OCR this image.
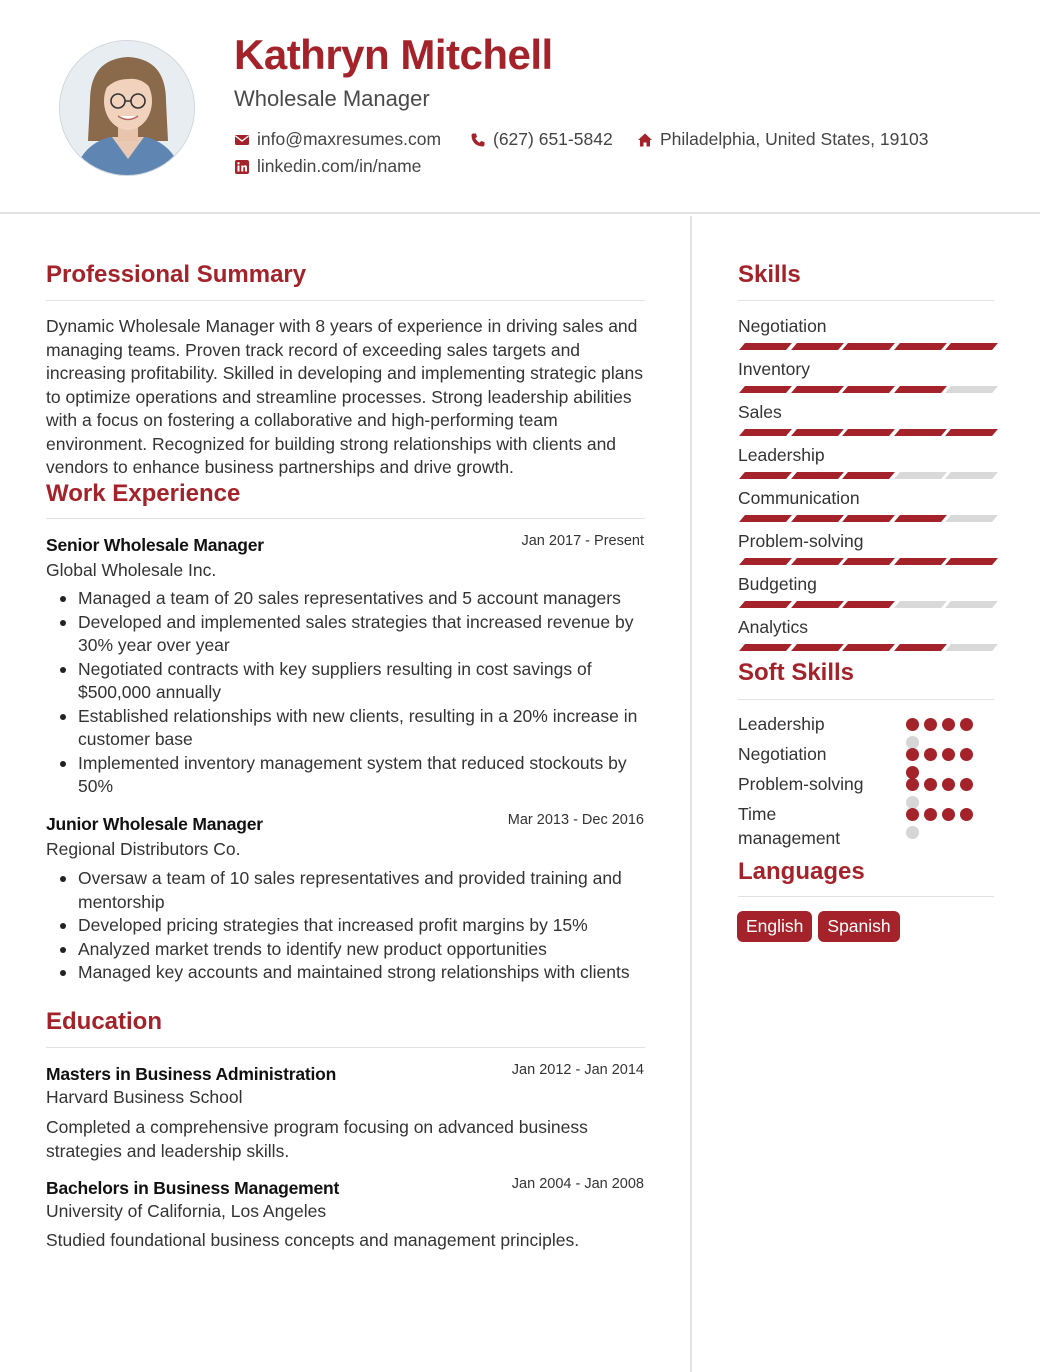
Kathryn Mitchell
Wholesale Manager
info@maxresumes.com	(627) 651-5842	Philadelphia, United States, 19103
linkedin.com/in/name
Professional Summary

Dynamic Wholesale Manager with 8 years of experience in driving sales and managing teams. Proven track record of exceeding sales targets and increasing profitability. Skilled in developing and implementing strategic plans to optimize operations and streamline processes. Strong leadership abilities with a focus on fostering a collaborative and high-performing team environment. Recognized for building strong relationships with clients and vendors to enhance business partnerships and drive growth.

Work Experience
Senior Wholesale Manager	Jan 2017 - Present
Global Wholesale Inc.
Managed a team of 20 sales representatives and 5 account managers
Developed and implemented sales strategies that increased revenue by 30% year over year
Negotiated contracts with key suppliers resulting in cost savings of $500,000 annually
Established relationships with new clients, resulting in a 20% increase in customer base
Implemented inventory management system that reduced stockouts by 50%
Junior Wholesale Manager	Mar 2013 - Dec 2016
Regional Distributors Co.
Oversaw a team of 10 sales representatives and provided training and mentorship
Developed pricing strategies that increased profit margins by 15%
Analyzed market trends to identify new product opportunities
Managed key accounts and maintained strong relationships with clients
Education
Masters in Business Administration	Jan 2012 - Jan 2014
Harvard Business School

Completed a comprehensive program focusing on advanced business strategies and leadership skills.

Bachelors in Business Management	Jan 2004 - Jan 2008
University of California, Los Angeles

Studied foundational business concepts and management principles.

Skills
Negotiation
Inventory
Sales
Leadership
Communication
Problem-solving
Budgeting
Analytics
Soft Skills
Leadership
Negotiation
Problem-solving
Time management
Languages
English	Spanish
